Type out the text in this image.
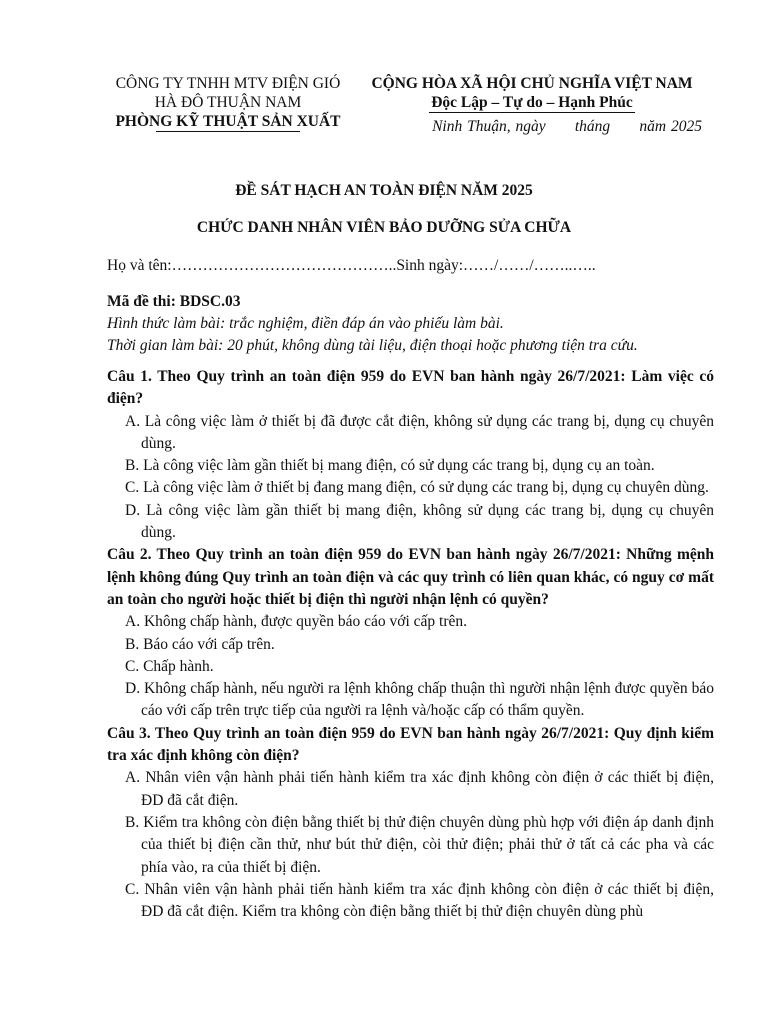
CÔNG TY TNHH MTV ĐIỆN GIÓ
HÀ ĐÔ THUẬN NAM
PHÒNG KỸ THUẬT SẢN XUẤT
CỘNG HÒA XÃ HỘI CHỦ NGHĨA VIỆT NAM
Độc Lập – Tự do – Hạnh Phúc
Ninh Thuận, ngày      tháng      năm 2025
ĐỀ SÁT HẠCH AN TOÀN ĐIỆN NĂM 2025
CHỨC DANH NHÂN VIÊN BẢO DƯỠNG SỬA CHỮA
Họ và tên:……………………………………..Sinh ngày:……/……/……..…..
Mã đề thi: BDSC.03
Hình thức làm bài: trắc nghiệm, điền đáp án vào phiếu làm bài.
Thời gian làm bài: 20 phút, không dùng tài liệu, điện thoại hoặc phương tiện tra cứu.
Câu 1. Theo Quy trình an toàn điện 959 do EVN ban hành ngày 26/7/2021: Làm việc có điện?
A. Là công việc làm ở thiết bị đã được cắt điện, không sử dụng các trang bị, dụng cụ chuyên dùng.
B. Là công việc làm gần thiết bị mang điện, có sử dụng các trang bị, dụng cụ an toàn.
C. Là công việc làm ở thiết bị đang mang điện, có sử dụng các trang bị, dụng cụ chuyên dùng.
D. Là công việc làm gần thiết bị mang điện, không sử dụng các trang bị, dụng cụ chuyên dùng.
Câu 2. Theo Quy trình an toàn điện 959 do EVN ban hành ngày 26/7/2021: Những mệnh lệnh không đúng Quy trình an toàn điện và các quy trình có liên quan khác, có nguy cơ mất an toàn cho người hoặc thiết bị điện thì người nhận lệnh có quyền?
A. Không chấp hành, được quyền báo cáo với cấp trên.
B. Báo cáo với cấp trên.
C. Chấp hành.
D. Không chấp hành, nếu người ra lệnh không chấp thuận thì người nhận lệnh được quyền báo cáo với cấp trên trực tiếp của người ra lệnh và/hoặc cấp có thẩm quyền.
Câu 3. Theo Quy trình an toàn điện 959 do EVN ban hành ngày 26/7/2021: Quy định kiểm tra xác định không còn điện?
A. Nhân viên vận hành phải tiến hành kiểm tra xác định không còn điện ở các thiết bị điện, ĐD đã cắt điện.
B. Kiểm tra không còn điện bằng thiết bị thử điện chuyên dùng phù hợp với điện áp danh định của thiết bị điện cần thử, như bút thử điện, còi thử điện; phải thử ở tất cả các pha và các phía vào, ra của thiết bị điện.
C. Nhân viên vận hành phải tiến hành kiểm tra xác định không còn điện ở các thiết bị điện, ĐD đã cắt điện. Kiểm tra không còn điện bằng thiết bị thử điện chuyên dùng phù
